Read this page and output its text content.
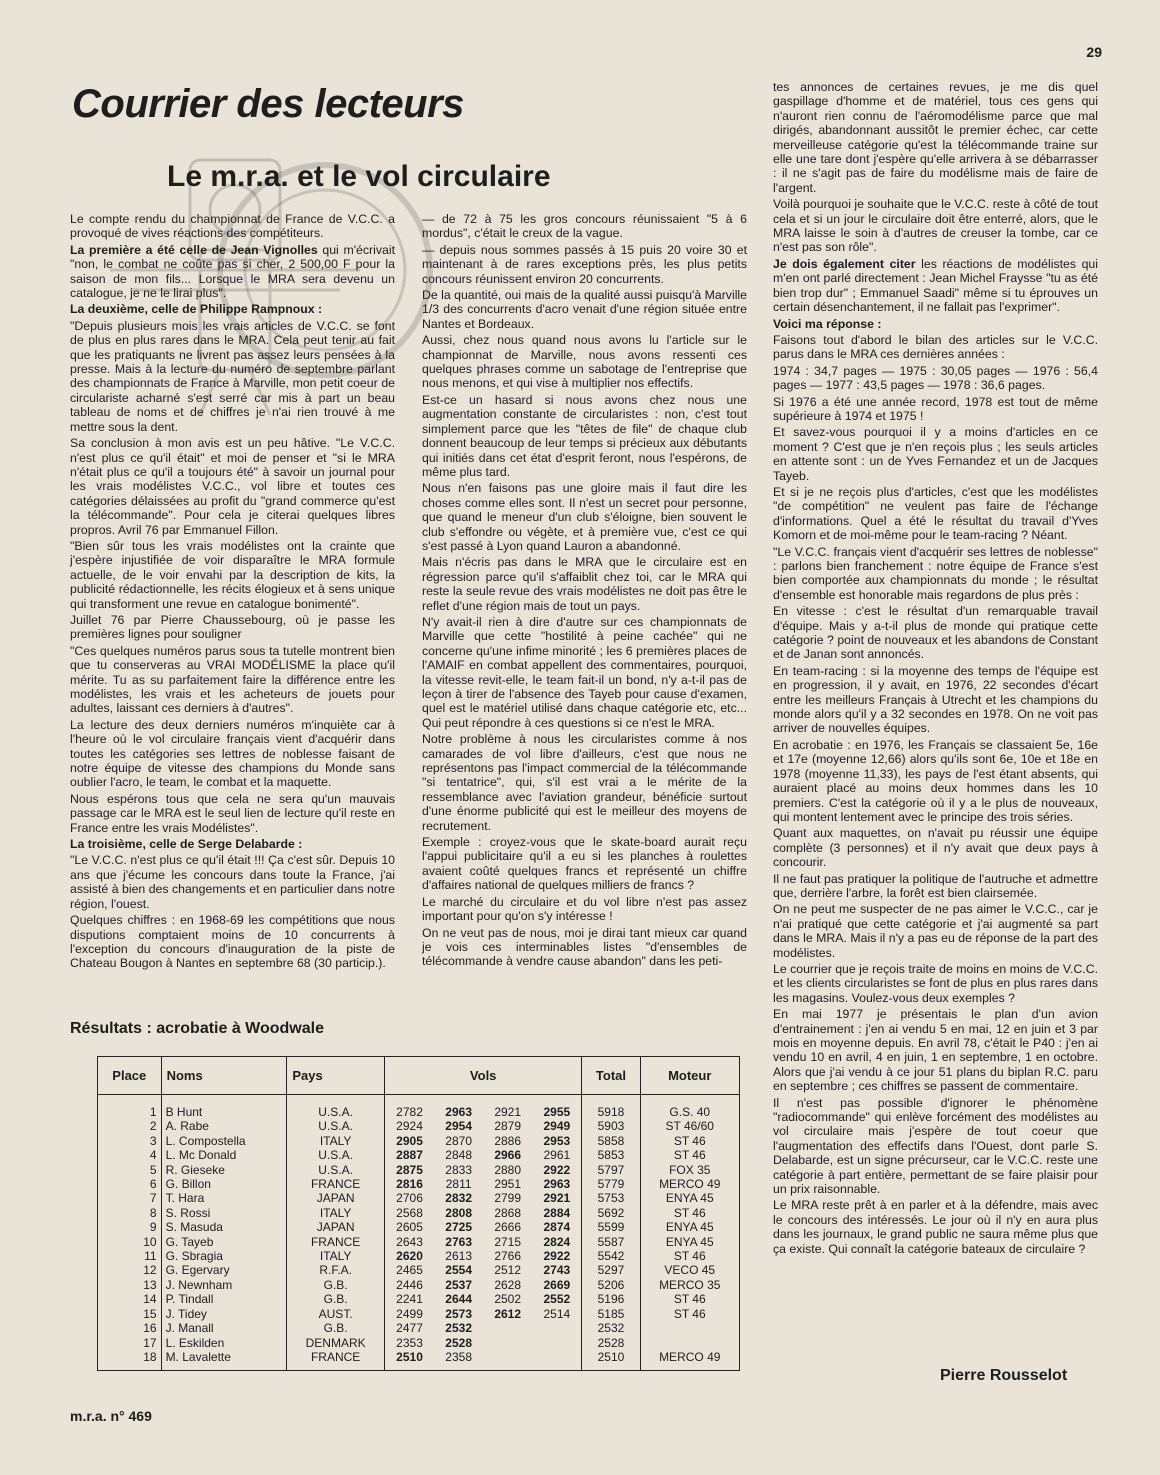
29
Courrier des lecteurs
Le m.r.a. et le vol circulaire

Le compte rendu du championnat de France de V.C.C. a provoqué de vives réactions des compétiteurs.

La première a été celle de Jean Vignolles qui m'écrivait "non, le combat ne coûte pas si cher, 2 500,00 F pour la saison de mon fils... Lorsque le MRA sera devenu un catalogue, je ne le lirai plus".

La deuxième, celle de Philippe Rampnoux :

"Depuis plusieurs mois les vrais articles de V.C.C. se font de plus en plus rares dans le MRA. Cela peut tenir au fait que les pratiquants ne livrent pas assez leurs pensées à la presse. Mais à la lecture du numéro de septembre parlant des championnats de France à Marville, mon petit coeur de circulariste acharné s'est serré car mis à part un beau tableau de noms et de chiffres je n'ai rien trouvé à me mettre sous la dent.

Sa conclusion à mon avis est un peu hâtive. "Le V.C.C. n'est plus ce qu'il était" et moi de penser et "si le MRA n'était plus ce qu'il a toujours été" à savoir un journal pour les vrais modélistes V.C.C., vol libre et toutes ces catégories délaissées au profit du "grand commerce qu'est la télécommande". Pour cela je citerai quelques libres propros. Avril 76 par Emmanuel Fillon.

"Bien sûr tous les vrais modélistes ont la crainte que j'espère injustifiée de voir disparaître le MRA formule actuelle, de le voir envahi par la description de kits, la publicité rédactionnelle, les récits élogieux et à sens unique qui transforment une revue en catalogue bonimenté".

Juillet 76 par Pierre Chaussebourg, où je passe les premières lignes pour souligner

"Ces quelques numéros parus sous ta tutelle montrent bien que tu conserveras au VRAI MODÉLISME la place qu'il mérite. Tu as su parfaitement faire la différence entre les modélistes, les vrais et les acheteurs de jouets pour adultes, laissant ces derniers à d'autres".

La lecture des deux derniers numéros m'inquiète car à l'heure où le vol circulaire français vient d'acquérir dans toutes les catégories ses lettres de noblesse faisant de notre équipe de vitesse des champions du Monde sans oublier l'acro, le team, le combat et la maquette.

Nous espérons tous que cela ne sera qu'un mauvais passage car le MRA est le seul lien de lecture qu'il reste en France entre les vrais Modélistes".

La troisième, celle de Serge Delabarde :

"Le V.C.C. n'est plus ce qu'il était !!! Ça c'est sûr. Depuis 10 ans que j'écume les concours dans toute la France, j'ai assisté à bien des changements et en particulier dans notre région, l'ouest.

Quelques chiffres : en 1968-69 les compétitions que nous disputions comptaient moins de 10 concurrents à l'exception du concours d'inauguration de la piste de Chateau Bougon à Nantes en septembre 68 (30 particip.).

— de 72 à 75 les gros concours réunissaient "5 à 6 mordus", c'était le creux de la vague.

— depuis nous sommes passés à 15 puis 20 voire 30 et maintenant à de rares exceptions près, les plus petits concours réunissent environ 20 concurrents.

De la quantité, oui mais de la qualité aussi puisqu'à Marville 1/3 des concurrents d'acro venait d'une région située entre Nantes et Bordeaux.

Aussi, chez nous quand nous avons lu l'article sur le championnat de Marville, nous avons ressenti ces quelques phrases comme un sabotage de l'entreprise que nous menons, et qui vise à multiplier nos effectifs.

Est-ce un hasard si nous avons chez nous une augmentation constante de circularistes : non, c'est tout simplement parce que les "têtes de file" de chaque club donnent beaucoup de leur temps si précieux aux débutants qui initiés dans cet état d'esprit feront, nous l'espérons, de même plus tard.

Nous n'en faisons pas une gloire mais il faut dire les choses comme elles sont. Il n'est un secret pour personne, que quand le meneur d'un club s'éloigne, bien souvent le club s'effondre ou végète, et à première vue, c'est ce qui s'est passé à Lyon quand Lauron a abandonné.

Mais n'écris pas dans le MRA que le circulaire est en régression parce qu'il s'affaiblit chez toi, car le MRA qui reste la seule revue des vrais modélistes ne doit pas être le reflet d'une région mais de tout un pays.

N'y avait-il rien à dire d'autre sur ces championnats de Marville que cette "hostilité à peine cachée" qui ne concerne qu'une infime minorité ; les 6 premières places de l'AMAIF en combat appellent des commentaires, pourquoi, la vitesse revit-elle, le team fait-il un bond, n'y a-t-il pas de leçon à tirer de l'absence des Tayeb pour cause d'examen, quel est le matériel utilisé dans chaque catégorie etc, etc... Qui peut répondre à ces questions si ce n'est le MRA.

Notre problème à nous les circularistes comme à nos camarades de vol libre d'ailleurs, c'est que nous ne représentons pas l'impact commercial de la télécommande "si tentatrice", qui, s'il est vrai a le mérite de la ressemblance avec l'aviation grandeur, bénéficie surtout d'une énorme publicité qui est le meilleur des moyens de recrutement.

Exemple : croyez-vous que le skate-board aurait reçu l'appui publicitaire qu'il a eu si les planches à roulettes avaient coûté quelques francs et représenté un chiffre d'affaires national de quelques milliers de francs ?

Le marché du circulaire et du vol libre n'est pas assez important pour qu'on s'y intéresse !

On ne veut pas de nous, moi je dirai tant mieux car quand je vois ces interminables listes "d'ensembles de télécommande à vendre cause abandon" dans les peti-

tes annonces de certaines revues, je me dis quel gaspillage d'homme et de matériel, tous ces gens qui n'auront rien connu de l'aéromodélisme parce que mal dirigés, abandonnant aussitôt le premier échec, car cette merveilleuse catégorie qu'est la télécommande traine sur elle une tare dont j'espère qu'elle arrivera à se débarrasser : il ne s'agit pas de faire du modélisme mais de faire de l'argent.

Voilà pourquoi je souhaite que le V.C.C. reste à côté de tout cela et si un jour le circulaire doit être enterré, alors, que le MRA laisse le soin à d'autres de creuser la tombe, car ce n'est pas son rôle".

Je dois également citer les réactions de modélistes qui m'en ont parlé directement : Jean Michel Fraysse "tu as été bien trop dur" ; Emmanuel Saadi" même si tu éprouves un certain désenchantement, il ne fallait pas l'exprimer".

Voici ma réponse :

Faisons tout d'abord le bilan des articles sur le V.C.C. parus dans le MRA ces dernières années :

1974 : 34,7 pages — 1975 : 30,05 pages — 1976 : 56,4 pages — 1977 : 43,5 pages — 1978 : 36,6 pages.

Si 1976 a été une année record, 1978 est tout de même supérieure à 1974 et 1975 !

Et savez-vous pourquoi il y a moins d'articles en ce moment ? C'est que je n'en reçois plus ; les seuls articles en attente sont : un de Yves Fernandez et un de Jacques Tayeb.

Et si je ne reçois plus d'articles, c'est que les modélistes "de compétition" ne veulent pas faire de l'échange d'informations. Quel a été le résultat du travail d'Yves Komorn et de moi-même pour le team-racing ? Néant.

"Le V.C.C. français vient d'acquérir ses lettres de noblesse" : parlons bien franchement : notre équipe de France s'est bien comportée aux championnats du monde ; le résultat d'ensemble est honorable mais regardons de plus près :

En vitesse : c'est le résultat d'un remarquable travail d'équipe. Mais y a-t-il plus de monde qui pratique cette catégorie ? point de nouveaux et les abandons de Constant et de Janan sont annoncés.

En team-racing : si la moyenne des temps de l'équipe est en progression, il y avait, en 1976, 22 secondes d'écart entre les meilleurs Français à Utrecht et les champions du monde alors qu'il y a 32 secondes en 1978. On ne voit pas arriver de nouvelles équipes.

En acrobatie : en 1976, les Français se classaient 5e, 16e et 17e (moyenne 12,66) alors qu'ils sont 6e, 10e et 18e en 1978 (moyenne 11,33), les pays de l'est étant absents, qui auraient placé au moins deux hommes dans les 10 premiers. C'est la catégorie où il y a le plus de nouveaux, qui montent lentement avec le principe des trois séries.

Quant aux maquettes, on n'avait pu réussir une équipe complète (3 personnes) et il n'y avait que deux pays à concourir.

Il ne faut pas pratiquer la politique de l'autruche et admettre que, derrière l'arbre, la forêt est bien clairsemée.

On ne peut me suspecter de ne pas aimer le V.C.C., car je n'ai pratiqué que cette catégorie et j'ai augmenté sa part dans le MRA. Mais il n'y a pas eu de réponse de la part des modélistes.

Le courrier que je reçois traite de moins en moins de V.C.C. et les clients circularistes se font de plus en plus rares dans les magasins. Voulez-vous deux exemples ?

En mai 1977 je présentais le plan d'un avion d'entrainement : j'en ai vendu 5 en mai, 12 en juin et 3 par mois en moyenne depuis. En avril 78, c'était le P40 : j'en ai vendu 10 en avril, 4 en juin, 1 en septembre, 1 en octobre. Alors que j'ai vendu à ce jour 51 plans du biplan R.C. paru en septembre ; ces chiffres se passent de commentaire.

Il n'est pas possible d'ignorer le phénomène "radiocommande" qui enlève forcément des modélistes au vol circulaire mais j'espère de tout coeur que l'augmentation des effectifs dans l'Ouest, dont parle S. Delabarde, est un signe précurseur, car le V.C.C. reste une catégorie à part entière, permettant de se faire plaisir pour un prix raisonnable.

Le MRA reste prêt à en parler et à la défendre, mais avec le concours des intéressés. Le jour où il n'y en aura plus dans les journaux, le grand public ne saura même plus que ça existe. Qui connaît la catégorie bateaux de circulaire ?

Résultats : acrobatie à Woodwale
Place	Noms	Pays	Vols				Total	Moteur
1	B Hunt	U.S.A.	2782	2963	2921	2955	5918	G.S. 40
2	A. Rabe	U.S.A.	2924	2954	2879	2949	5903	ST 46/60
3	L. Compostella	ITALY	2905	2870	2886	2953	5858	ST 46
4	L. Mc Donald	U.S.A.	2887	2848	2966	2961	5853	ST 46
5	R. Gieseke	U.S.A.	2875	2833	2880	2922	5797	FOX 35
6	G. Billon	FRANCE	2816	2811	2951	2963	5779	MERCO 49
7	T. Hara	JAPAN	2706	2832	2799	2921	5753	ENYA 45
8	S. Rossi	ITALY	2568	2808	2868	2884	5692	ST 46
9	S. Masuda	JAPAN	2605	2725	2666	2874	5599	ENYA 45
10	G. Tayeb	FRANCE	2643	2763	2715	2824	5587	ENYA 45
11	G. Sbragia	ITALY	2620	2613	2766	2922	5542	ST 46
12	G. Egervary	R.F.A.	2465	2554	2512	2743	5297	VECO 45
13	J. Newnham	G.B.	2446	2537	2628	2669	5206	MERCO 35
14	P. Tindall	G.B.	2241	2644	2502	2552	5196	ST 46
15	J. Tidey	AUST.	2499	2573	2612	2514	5185	ST 46
16	J. Manall	G.B.	2477	2532			2532	
17	L. Eskilden	DENMARK	2353	2528			2528	
18	M. Lavalette	FRANCE	2510	2358			2510	MERCO 49
Pierre Rousselot
m.r.a. n° 469
